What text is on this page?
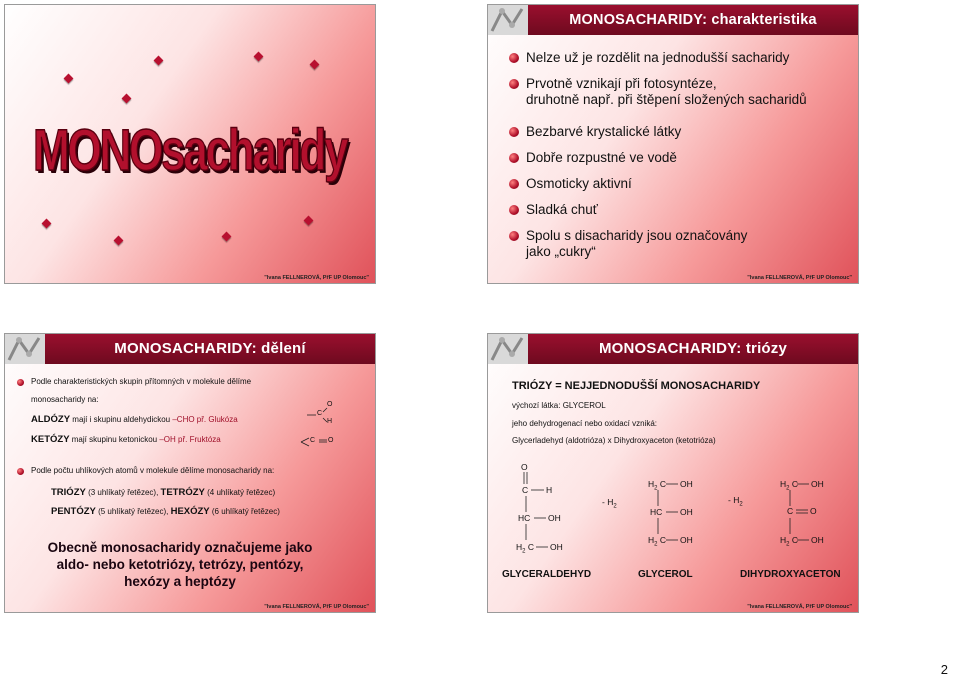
MONOsacharidy
"Ivana FELLNEROVÁ, PřF UP Olomouc"
MONOSACHARIDY: charakteristika
Nelze už je rozdělit na jednodušší sacharidy
Prvotně vznikají při fotosyntéze,
druhotně např. při štěpení složených sacharidů
Bezbarvé krystalické látky
Dobře rozpustné ve vodě
Osmoticky aktivní
Sladká chuť
Spolu s disacharidy jsou označovány
jako „cukry“
"Ivana FELLNEROVÁ, PřF UP Olomouc"
MONOSACHARIDY: dělení
Podle charakteristických skupin přítomných v molekule dělíme
monosacharidy na:
ALDÓZY mají i skupinu aldehydickou –CHO př. Glukóza
KETÓZY mají skupinu ketonickou –OH př. Fruktóza
C
O
H
C O
Podle počtu uhlíkových atomů v molekule dělíme monosacharidy na:
TRIÓZY (3 uhlíkatý řetězec), TETRÓZY (4 uhlíkatý řetězec)
PENTÓZY (5 uhlíkatý řetězec), HEXÓZY (6 uhlíkatý řetězec)
Obecně monosacharidy označujeme jako
aldo- nebo ketotriózy, tetrózy, pentózy,
hexózy a heptózy
"Ivana FELLNEROVÁ, PřF UP Olomouc"
MONOSACHARIDY: triózy
TRIÓZY = NEJJEDNODUŠŠÍ MONOSACHARIDY
výchozí látka: GLYCEROL
jeho dehydrogenací nebo oxidací vzniká:
Glycerladehyd (aldotrióza) x Dihydroxyaceton (ketotrióza)
O
C H
HC OH
$H_2$ C OH
- $H_2$
$H_2$ C OH
HC OH
$H_2$ C OH
- $H_2$
$H_2$ C OH
C O
$H_2$ C OH
GLYCERALDEHYD	GLYCEROL	DIHYDROXYACETON
"Ivana FELLNEROVÁ, PřF UP Olomouc"
2
